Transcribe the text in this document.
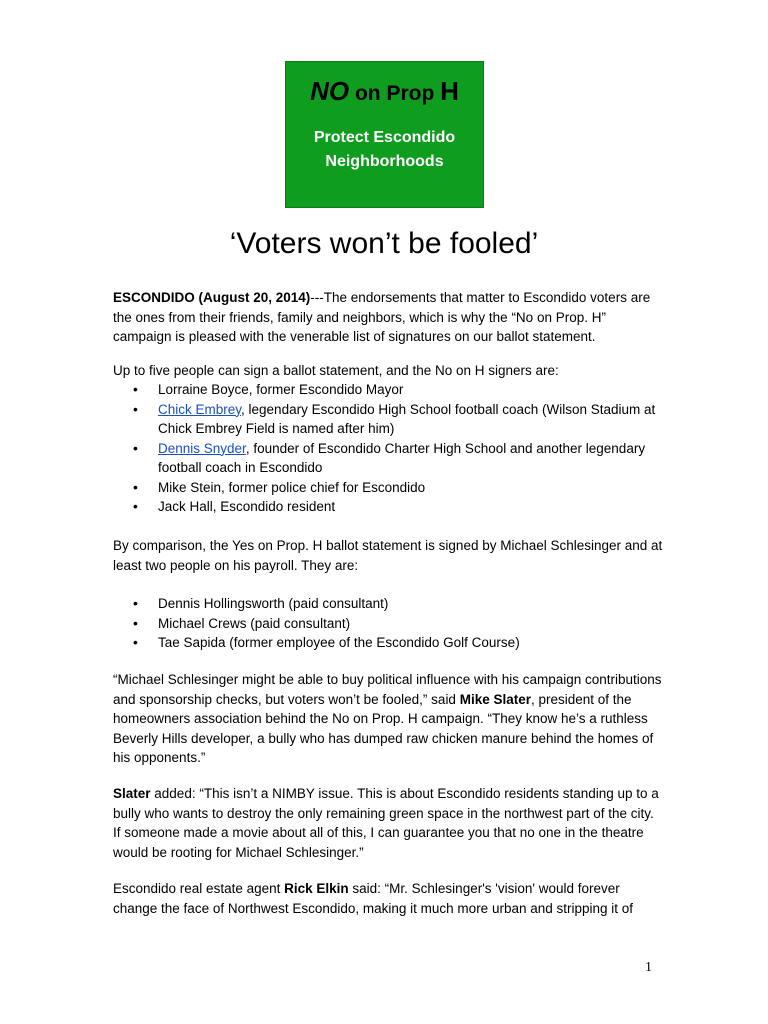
NO on Prop H
Protect Escondido
Neighborhoods
‘Voters won’t be fooled’
ESCONDIDO (August 20, 2014)---The endorsements that matter to Escondido voters are the ones from their friends, family and neighbors, which is why the “No on Prop. H” campaign is pleased with the venerable list of signatures on our ballot statement.
Up to five people can sign a ballot statement, and the No on H signers are:
• Lorraine Boyce, former Escondido Mayor
• Chick Embrey, legendary Escondido High School football coach (Wilson Stadium at Chick Embrey Field is named after him)
• Dennis Snyder, founder of Escondido Charter High School and another legendary football coach in Escondido
• Mike Stein, former police chief for Escondido
• Jack Hall, Escondido resident
By comparison, the Yes on Prop. H ballot statement is signed by Michael Schlesinger and at least two people on his payroll. They are:
• Dennis Hollingsworth (paid consultant)
• Michael Crews (paid consultant)
• Tae Sapida (former employee of the Escondido Golf Course)
“Michael Schlesinger might be able to buy political influence with his campaign contributions and sponsorship checks, but voters won’t be fooled,” said Mike Slater, president of the homeowners association behind the No on Prop. H campaign. “They know he’s a ruthless Beverly Hills developer, a bully who has dumped raw chicken manure behind the homes of his opponents.”
Slater added: “This isn’t a NIMBY issue. This is about Escondido residents standing up to a bully who wants to destroy the only remaining green space in the northwest part of the city. If someone made a movie about all of this, I can guarantee you that no one in the theatre would be rooting for Michael Schlesinger.”
Escondido real estate agent Rick Elkin said: “Mr. Schlesinger's 'vision' would forever change the face of Northwest Escondido, making it much more urban and stripping it of
1
